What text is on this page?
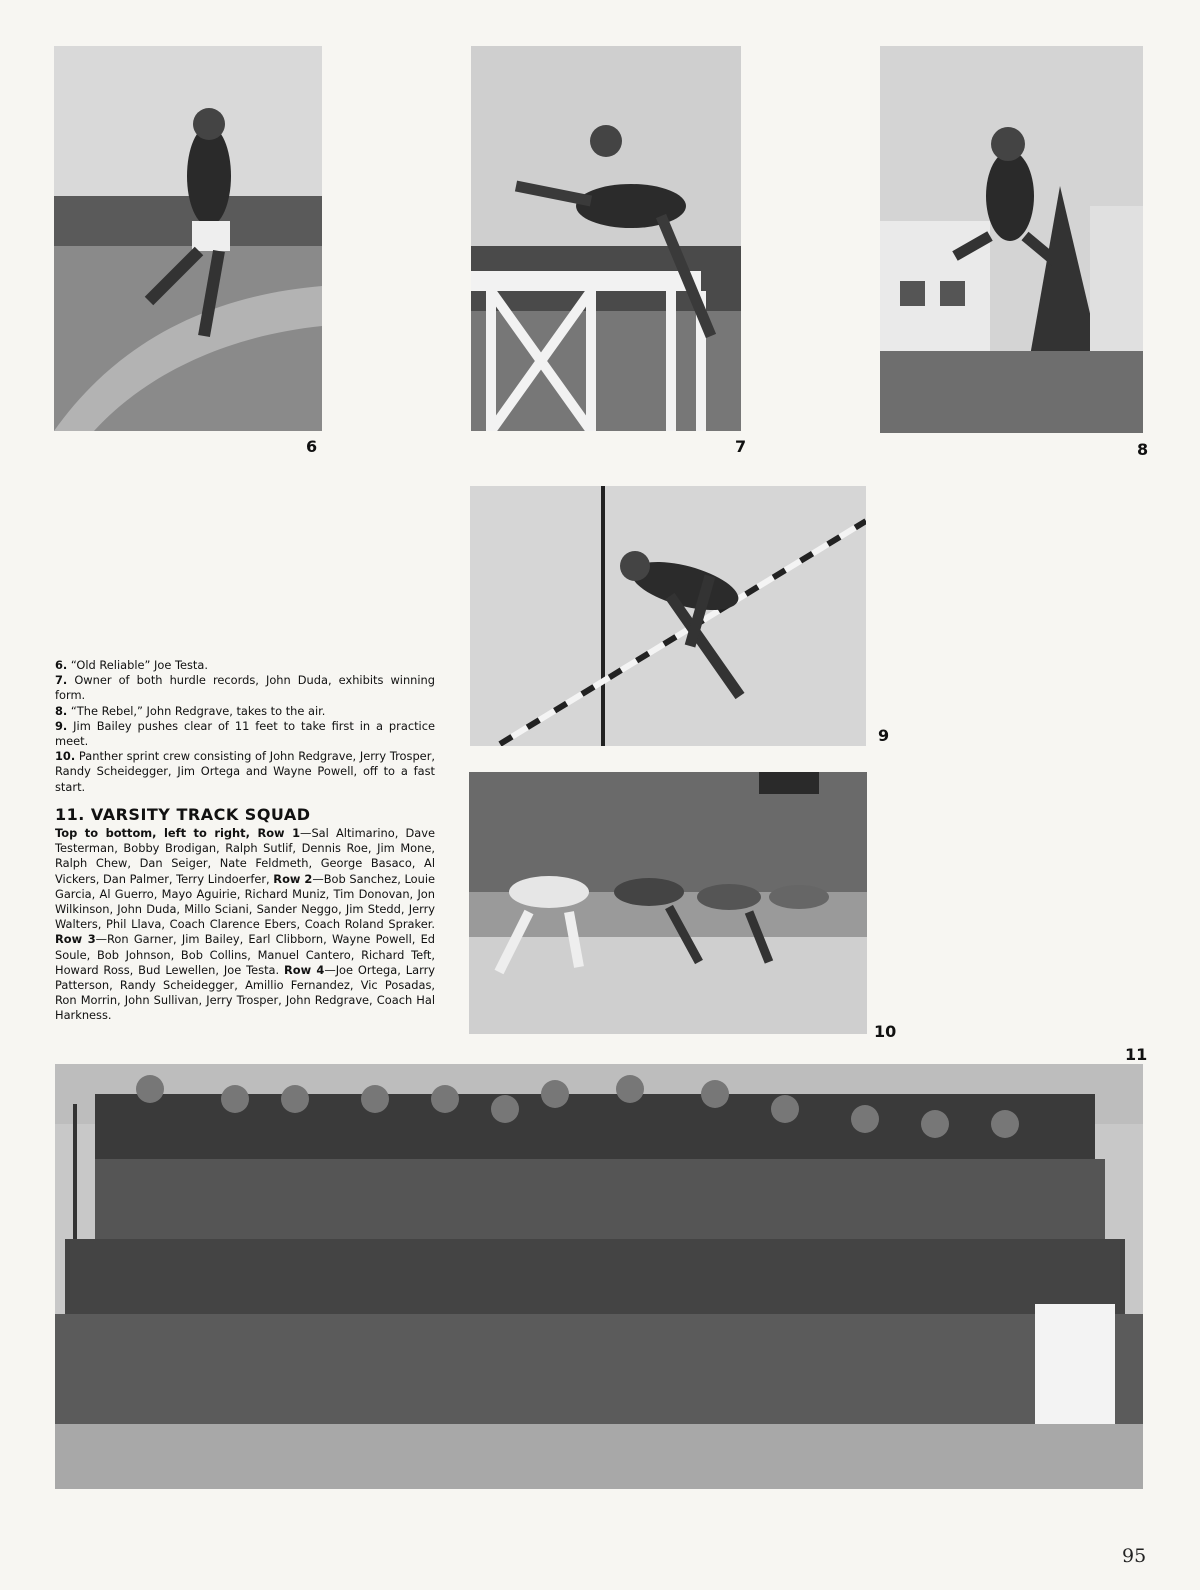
6	7	8
9
10
11

6. “Old Reliable” Joe Testa.

7. Owner of both hurdle records, John Duda, exhibits winning form.

8. “The Rebel,” John Redgrave, takes to the air.

9. Jim Bailey pushes clear of 11 feet to take first in a practice meet.

10. Panther sprint crew consisting of John Redgrave, Jerry Trosper, Randy Scheidegger, Jim Ortega and Wayne Powell, off to a fast start.

11. VARSITY TRACK SQUAD
Top to bottom, left to right, Row 1—Sal Altimarino, Dave Testerman, Bobby Brodigan, Ralph Sutlif, Dennis Roe, Jim Mone, Ralph Chew, Dan Seiger, Nate Feldmeth, George Basaco, Al Vickers, Dan Palmer, Terry Lindoerfer, Row 2—Bob Sanchez, Louie Garcia, Al Guerro, Mayo Aguirie, Richard Muniz, Tim Donovan, Jon Wilkinson, John Duda, Millo Sciani, Sander Neggo, Jim Stedd, Jerry Walters, Phil Llava, Coach Clarence Ebers, Coach Roland Spraker. Row 3—Ron Garner, Jim Bailey, Earl Clibborn, Wayne Powell, Ed Soule, Bob Johnson, Bob Collins, Manuel Cantero, Richard Teft, Howard Ross, Bud Lewellen, Joe Testa. Row 4—Joe Ortega, Larry Patterson, Randy Scheidegger, Amillio Fernandez, Vic Posadas, Ron Morrin, John Sullivan, Jerry Trosper, John Redgrave, Coach Hal Harkness.
95
